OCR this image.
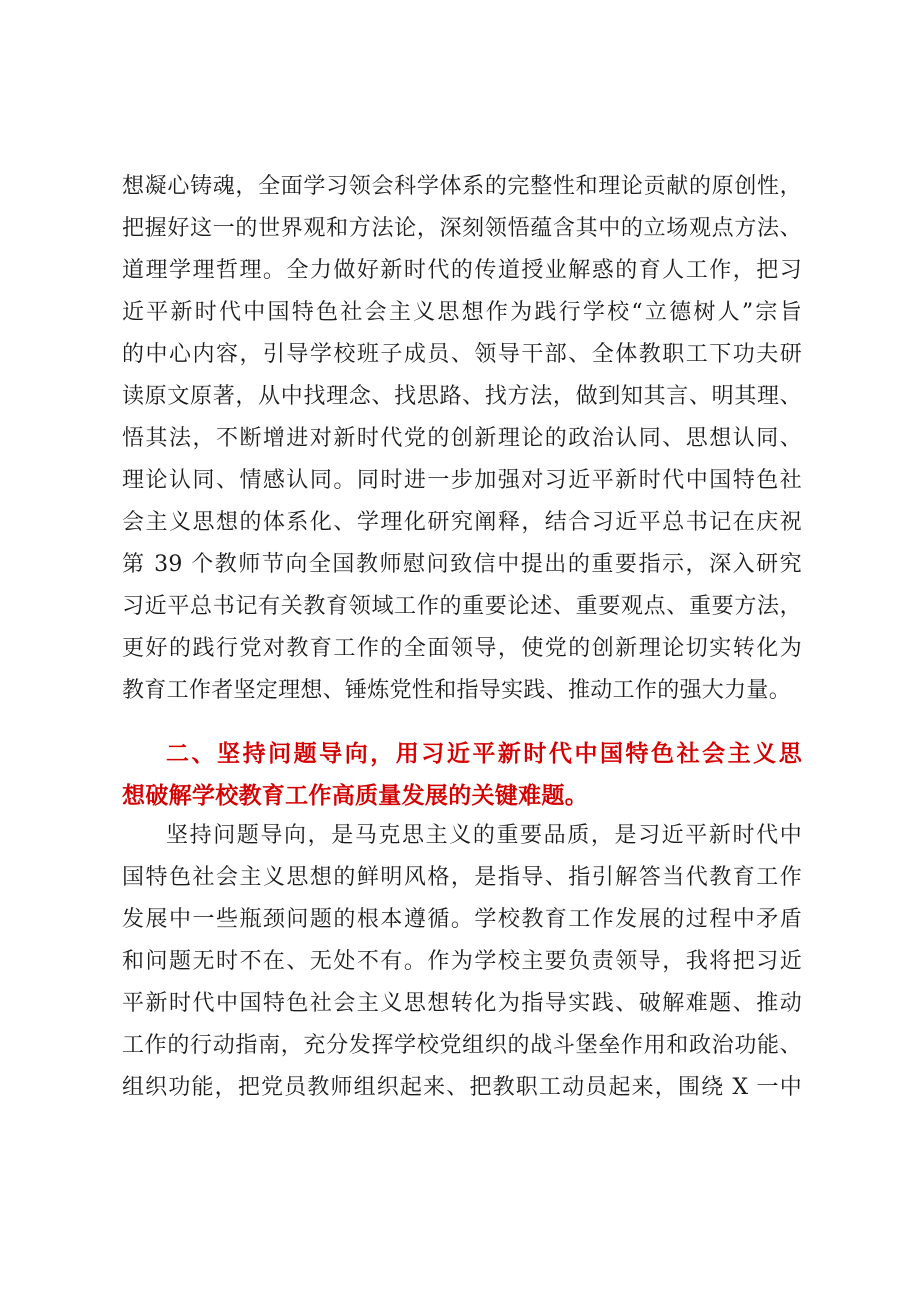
想凝心铸魂，全面学习领会科学体系的完整性和理论贡献的原创性，
把握好这一的世界观和方法论，深刻领悟蕴含其中的立场观点方法、
道理学理哲理。全力做好新时代的传道授业解惑的育人工作，把习
近平新时代中国特色社会主义思想作为践行学校“立德树人”宗旨
的中心内容，引导学校班子成员、领导干部、全体教职工下功夫研
读原文原著，从中找理念、找思路、找方法，做到知其言、明其理、
悟其法，不断增进对新时代党的创新理论的政治认同、思想认同、
理论认同、情感认同。同时进一步加强对习近平新时代中国特色社
会主义思想的体系化、学理化研究阐释，结合习近平总书记在庆祝
第 39 个教师节向全国教师慰问致信中提出的重要指示，深入研究
习近平总书记有关教育领域工作的重要论述、重要观点、重要方法，
更好的践行党对教育工作的全面领导，使党的创新理论切实转化为
教育工作者坚定理想、锤炼党性和指导实践、推动工作的强大力量。
二、坚持问题导向，用习近平新时代中国特色社会主义思
想破解学校教育工作高质量发展的关键难题。
坚持问题导向，是马克思主义的重要品质，是习近平新时代中
国特色社会主义思想的鲜明风格，是指导、指引解答当代教育工作
发展中一些瓶颈问题的根本遵循。学校教育工作发展的过程中矛盾
和问题无时不在、无处不有。作为学校主要负责领导，我将把习近
平新时代中国特色社会主义思想转化为指导实践、破解难题、推动
工作的行动指南，充分发挥学校党组织的战斗堡垒作用和政治功能、
组织功能，把党员教师组织起来、把教职工动员起来，围绕 X 一中
